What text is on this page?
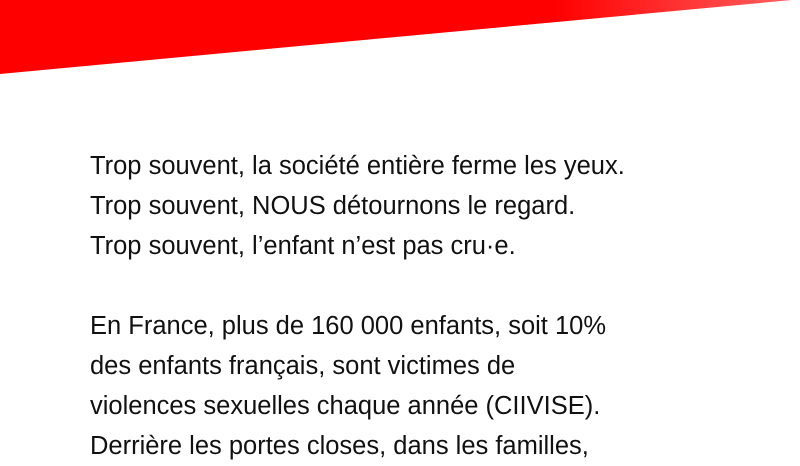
Trop souvent, la société entière ferme les yeux.
Trop souvent, NOUS détournons le regard.
Trop souvent, l’enfant n’est pas cru·e.

En France, plus de 160 000 enfants, soit 10%
des enfants français, sont victimes de
violences sexuelles chaque année (CIIVISE).
Derrière les portes closes, dans les familles,
